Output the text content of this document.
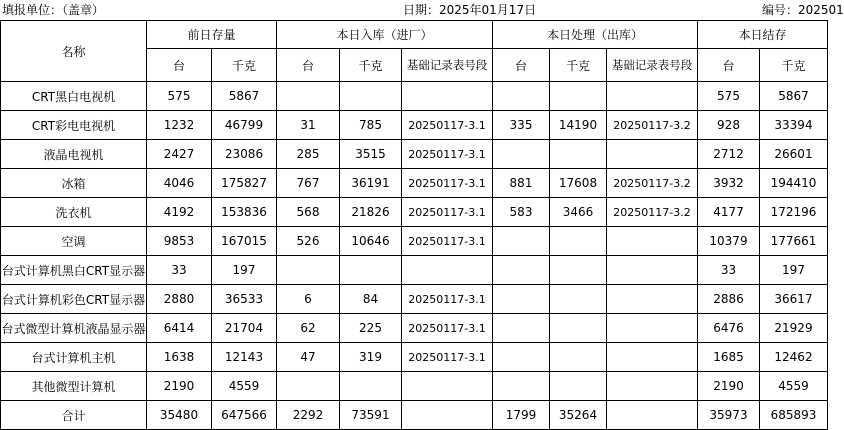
填报单位：（盖章）	日期：2025年01月17日	编号：202501
名称	前日存量		本日入库（进厂）			本日处理（出库）			本日结存	
	台	千克	台	千克	基础记录表号段	台	千克	基础记录表号段	台	千克
CRT黑白电视机	575	5867							575	5867
CRT彩电电视机	1232	46799	31	785	20250117-3.1	335	14190	20250117-3.2	928	33394
液晶电视机	2427	23086	285	3515	20250117-3.1				2712	26601
冰箱	4046	175827	767	36191	20250117-3.1	881	17608	20250117-3.2	3932	194410
洗衣机	4192	153836	568	21826	20250117-3.1	583	3466	20250117-3.2	4177	172196
空调	9853	167015	526	10646	20250117-3.1				10379	177661
台式计算机黑白CRT显示器	33	197							33	197
台式计算机彩色CRT显示器	2880	36533	6	84	20250117-3.1				2886	36617
台式微型计算机液晶显示器	6414	21704	62	225	20250117-3.1				6476	21929
台式计算机主机	1638	12143	47	319	20250117-3.1				1685	12462
其他微型计算机	2190	4559							2190	4559
合计	35480	647566	2292	73591		1799	35264		35973	685893
